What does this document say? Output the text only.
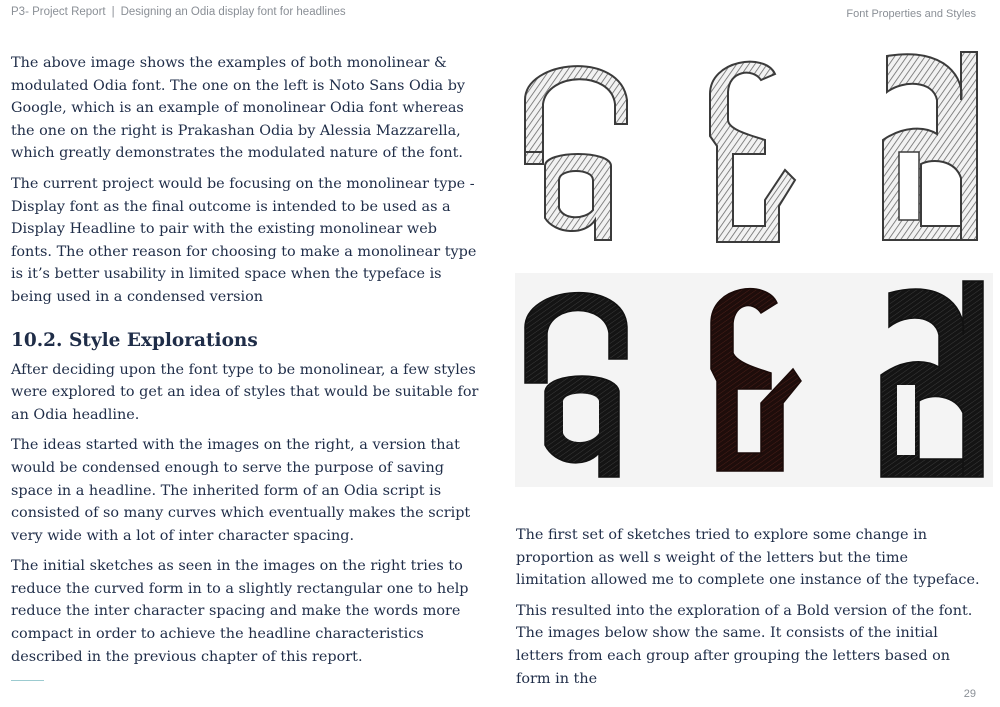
P3- Project Report | Designing an Odia display font for headlines	Font Properties and Styles

The above image shows the examples of both monolinear & modulated Odia font. The one on the left is Noto Sans Odia by Google, which is an example of monolinear Odia font whereas the one on the right is Prakashan Odia by Alessia Mazzarella, which greatly demonstrates the modulated nature of the font.

The current project would be focusing on the monolinear type - Display font as the final outcome is intended to be used as a Display Headline to pair with the existing monolinear web fonts. The other reason for choosing to make a monolinear type is it’s better usability in limited space when the typeface is being used in a condensed version

10.2. Style Explorations

After deciding upon the font type to be monolinear, a few styles were explored to get an idea of styles that would be suitable for an Odia headline.

The ideas started with the images on the right, a version that would be condensed enough to serve the purpose of saving space in a headline. The inherited form of an Odia script is consisted of so many curves which eventually makes the script very wide with a lot of inter character spacing.

The initial sketches as seen in the images on the right tries to reduce the curved form in to a slightly rectangular one to help reduce the inter character spacing and make the words more compact in order to achieve the headline characteristics described in the previous chapter of this report.

The first set of sketches tried to explore some change in proportion as well s weight of the letters but the time limitation allowed me to complete one instance of the typeface.

This resulted into the exploration of a Bold version of the font. The images below show the same. It consists of the initial letters from each group after grouping the letters based on form in the

29
